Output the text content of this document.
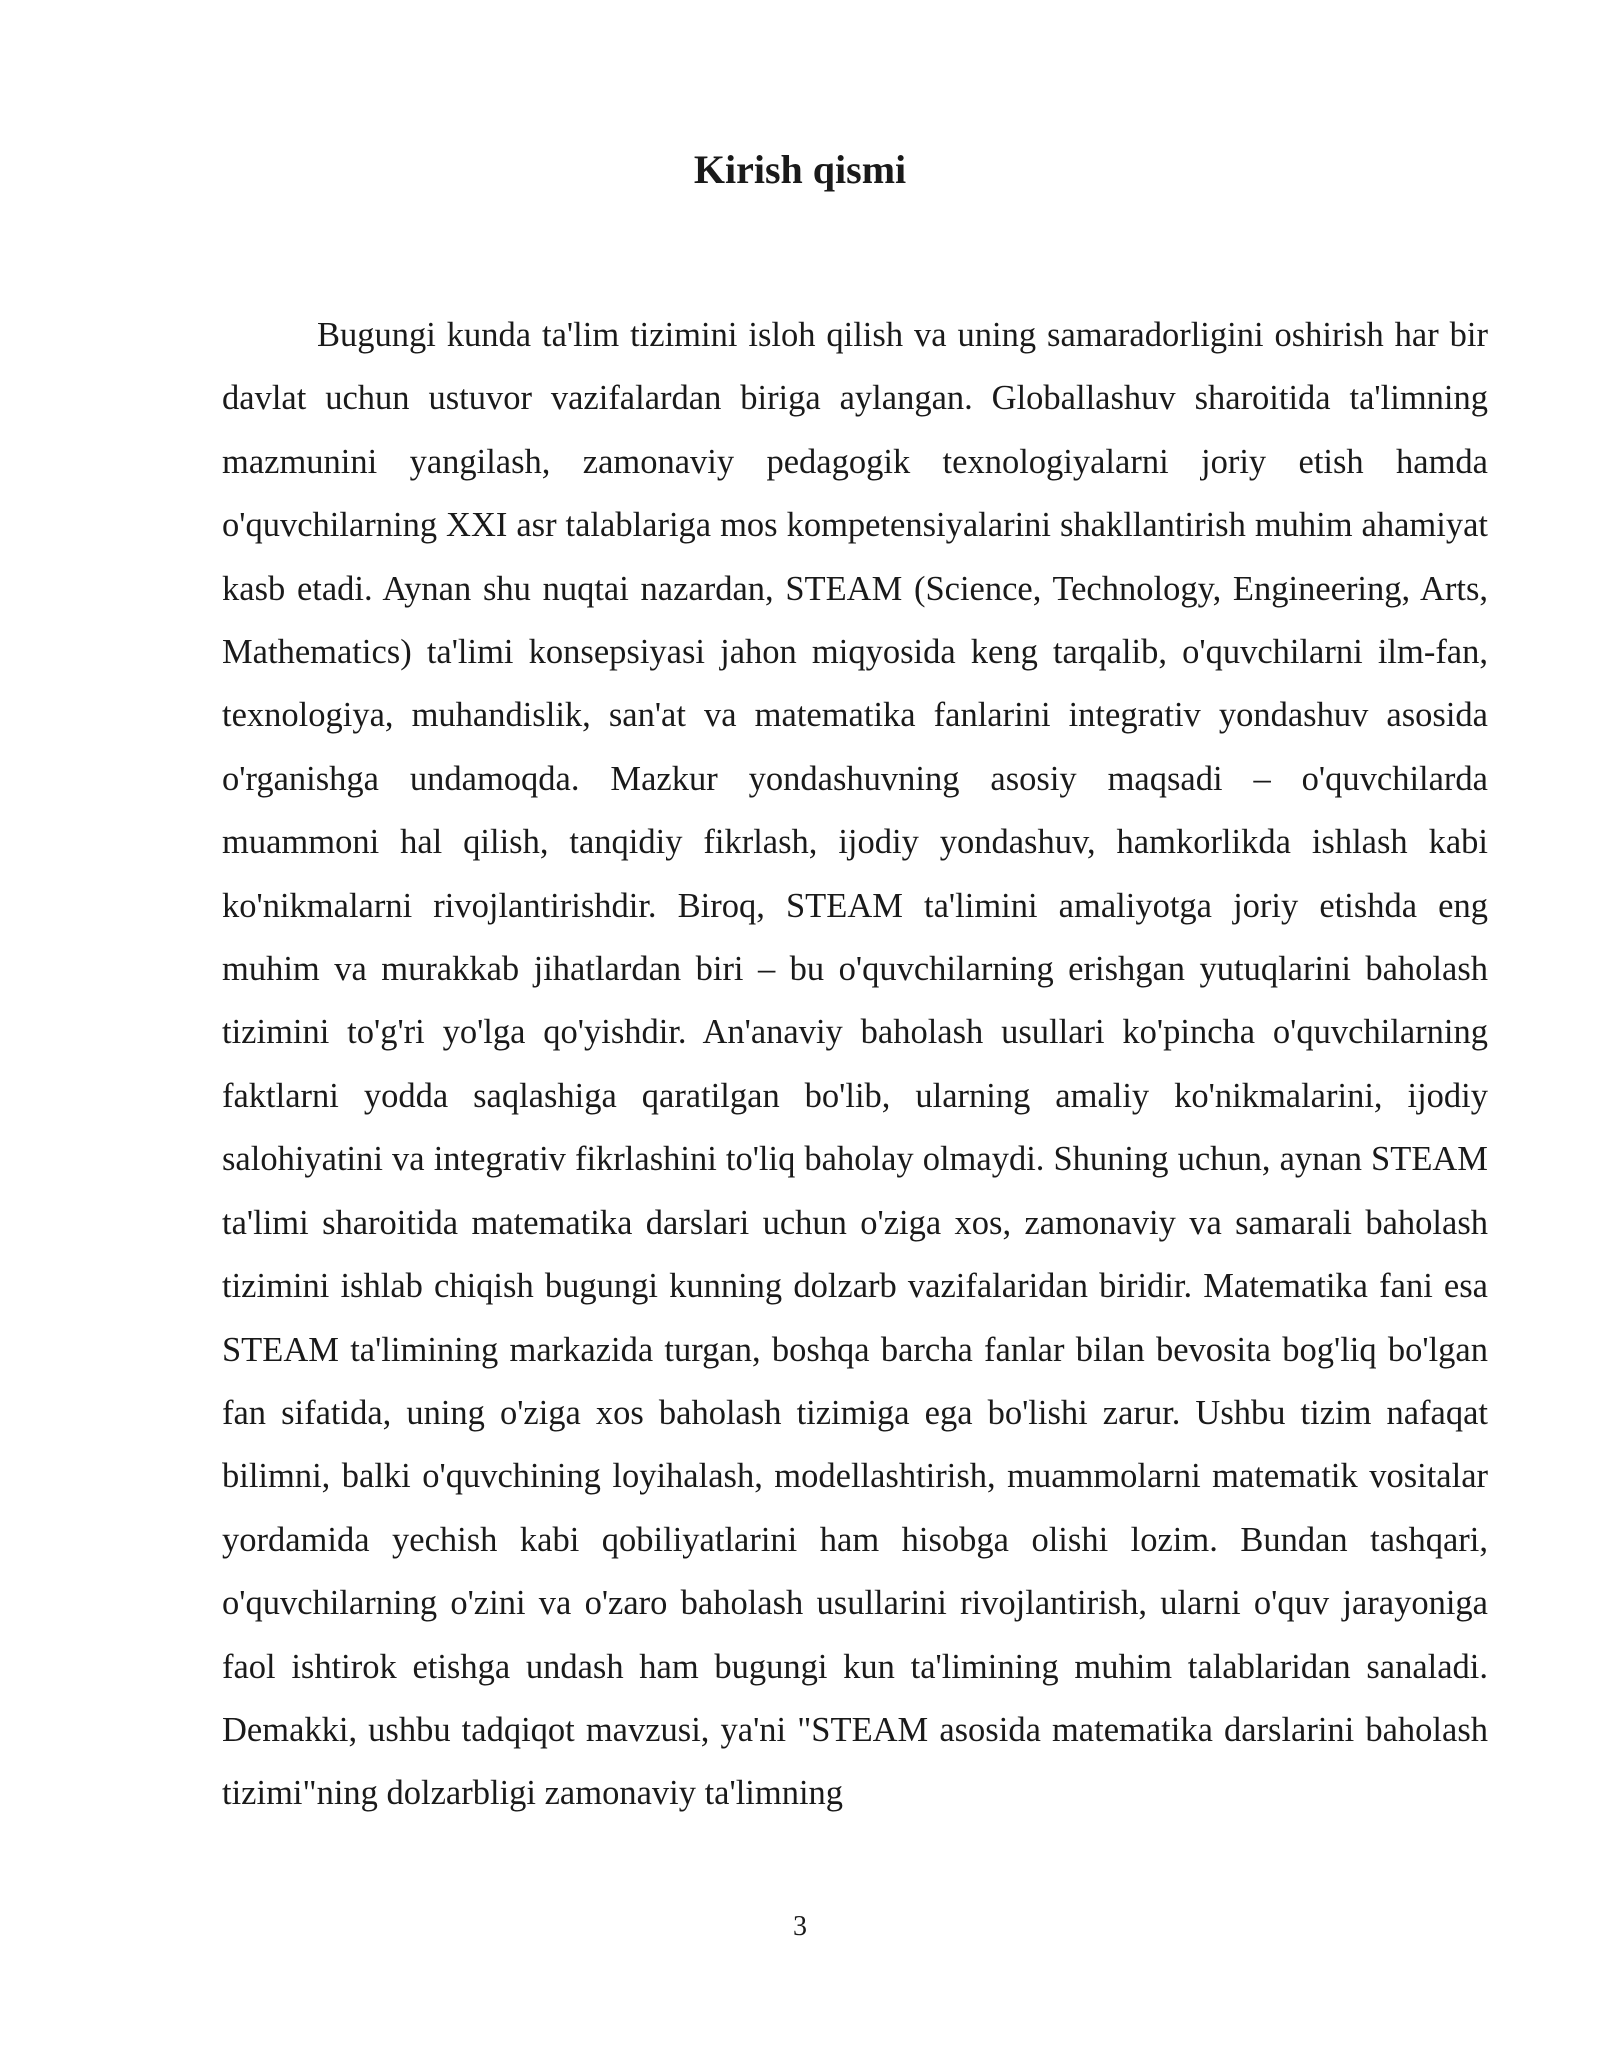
Kirish qismi

Bugungi kunda ta'lim tizimini isloh qilish va uning samaradorligini oshirish har bir davlat uchun ustuvor vazifalardan biriga aylangan. Globallashuv sharoitida ta'limning mazmunini yangilash, zamonaviy pedagogik texnologiyalarni joriy etish hamda o'quvchilarning XXI asr talablariga mos kompetensiyalarini shakllantirish muhim ahamiyat kasb etadi. Aynan shu nuqtai nazardan, STEAM (Science, Technology, Engineering, Arts, Mathematics) ta'limi konsepsiyasi jahon miqyosida keng tarqalib, o'quvchilarni ilm-fan, texnologiya, muhandislik, san'at va matematika fanlarini integrativ yondashuv asosida o'rganishga undamoqda. Mazkur yondashuvning asosiy maqsadi – o'quvchilarda muammoni hal qilish, tanqidiy fikrlash, ijodiy yondashuv, hamkorlikda ishlash kabi ko'nikmalarni rivojlantirishdir. Biroq, STEAM ta'limini amaliyotga joriy etishda eng muhim va murakkab jihatlardan biri – bu o'quvchilarning erishgan yutuqlarini baholash tizimini to'g'ri yo'lga qo'yishdir. An'anaviy baholash usullari ko'pincha o'quvchilarning faktlarni yodda saqlashiga qaratilgan bo'lib, ularning amaliy ko'nikmalarini, ijodiy salohiyatini va integrativ fikrlashini to'liq baholay olmaydi. Shuning uchun, aynan STEAM ta'limi sharoitida matematika darslari uchun o'ziga xos, zamonaviy va samarali baholash tizimini ishlab chiqish bugungi kunning dolzarb vazifalaridan biridir. Matematika fani esa STEAM ta'limining markazida turgan, boshqa barcha fanlar bilan bevosita bog'liq bo'lgan fan sifatida, uning o'ziga xos baholash tizimiga ega bo'lishi zarur. Ushbu tizim nafaqat bilimni, balki o'quvchining loyihalash, modellashtirish, muammolarni matematik vositalar yordamida yechish kabi qobiliyatlarini ham hisobga olishi lozim. Bundan tashqari, o'quvchilarning o'zini va o'zaro baholash usullarini rivojlantirish, ularni o'quv jarayoniga faol ishtirok etishga undash ham bugungi kun ta'limining muhim talablaridan sanaladi. Demakki, ushbu tadqiqot mavzusi, ya'ni "STEAM asosida matematika darslarini baholash tizimi"ning dolzarbligi zamonaviy ta'limning

3
